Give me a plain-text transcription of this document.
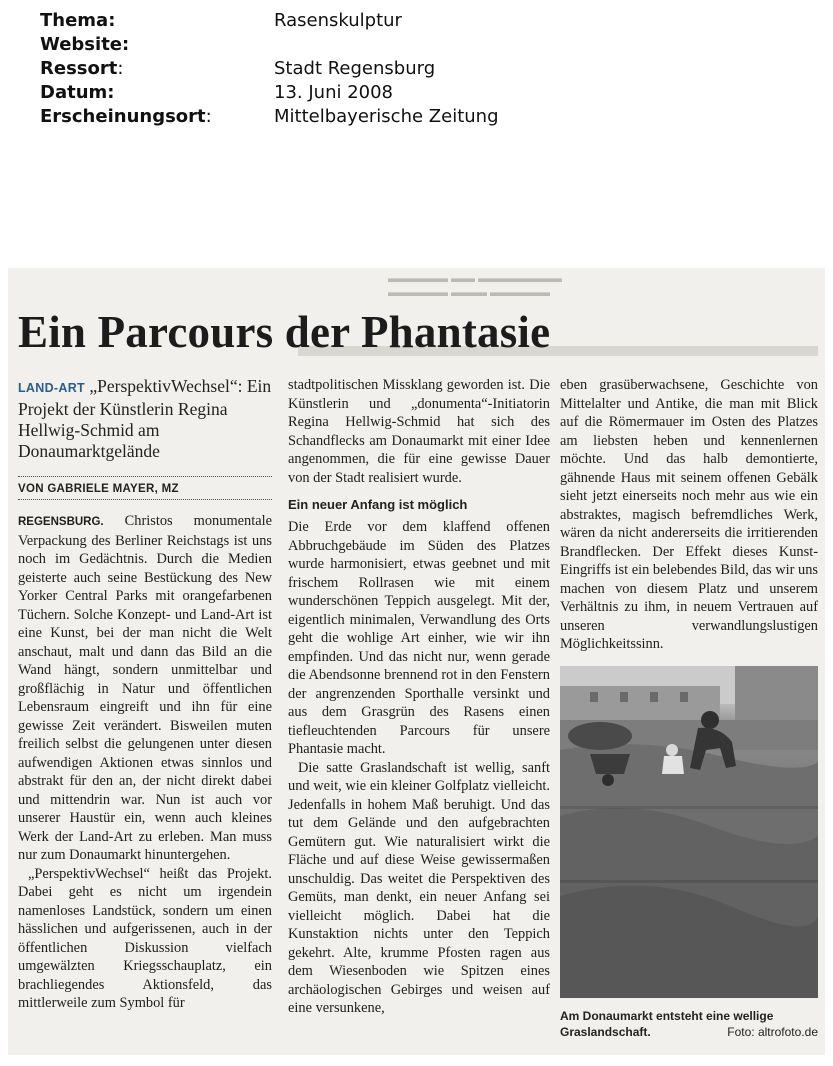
Thema:	Rasenskulptur
Website:
Ressort:	Stadt Regensburg
Datum:	13. Juni 2008
Erscheinungsort:	Mittelbayerische Zeitung
▬▬▬▬▬ ▬▬ ▬▬▬▬▬▬▬
▬▬▬▬▬ ▬▬▬ ▬▬▬▬▬
Ein Parcours der Phantasie

LAND-ART „PerspektivWechsel“: Ein Projekt der Künstlerin Regina Hellwig-Schmid am Donaumarktgelände

VON GABRIELE MAYER, MZ

REGENSBURG. Christos monumentale Verpackung des Berliner Reichstags ist uns noch im Gedächtnis. Durch die Medien geisterte auch seine Bestückung des New Yorker Central Parks mit orangefarbenen Tüchern. Solche Konzept- und Land-Art ist eine Kunst, bei der man nicht die Welt anschaut, malt und dann das Bild an die Wand hängt, sondern unmittelbar und großflächig in Natur und öffentlichen Lebensraum eingreift und ihn für eine gewisse Zeit verändert. Bisweilen muten freilich selbst die gelungenen unter diesen aufwendigen Aktionen etwas sinnlos und abstrakt für den an, der nicht direkt dabei und mittendrin war. Nun ist auch vor unserer Haustür ein, wenn auch kleines Werk der Land-Art zu erleben. Man muss nur zum Donaumarkt hinuntergehen.

„PerspektivWechsel“ heißt das Projekt. Dabei geht es nicht um irgendein namenloses Landstück, sondern um einen hässlichen und aufgerissenen, auch in der öffentlichen Diskussion vielfach umgewälzten Kriegsschauplatz, ein brachliegendes Aktionsfeld, das mittlerweile zum Symbol für

stadtpolitischen Missklang geworden ist. Die Künstlerin und „donumenta“-Initiatorin Regina Hellwig-Schmid hat sich des Schandflecks am Donaumarkt mit einer Idee angenommen, die für eine gewisse Dauer von der Stadt realisiert wurde.

Ein neuer Anfang ist möglich

Die Erde vor dem klaffend offenen Abbruchgebäude im Süden des Platzes wurde harmonisiert, etwas geebnet und mit frischem Rollrasen wie mit einem wunderschönen Teppich ausgelegt. Mit der, eigentlich minimalen, Verwandlung des Orts geht die wohlige Art einher, wie wir ihn empfinden. Und das nicht nur, wenn gerade die Abendsonne brennend rot in den Fenstern der angrenzenden Sporthalle versinkt und aus dem Grasgrün des Rasens einen tiefleuchtenden Parcours für unsere Phantasie macht.

Die satte Graslandschaft ist wellig, sanft und weit, wie ein kleiner Golfplatz vielleicht. Jedenfalls in hohem Maß beruhigt. Und das tut dem Gelände und den aufgebrachten Gemütern gut. Wie naturalisiert wirkt die Fläche und auf diese Weise gewissermaßen unschuldig. Das weitet die Perspektiven des Gemüts, man denkt, ein neuer Anfang sei vielleicht möglich. Dabei hat die Kunstaktion nichts unter den Teppich gekehrt. Alte, krumme Pfosten ragen aus dem Wiesenboden wie Spitzen eines archäologischen Gebirges und weisen auf eine versunkene,

eben grasüberwachsene, Geschichte von Mittelalter und Antike, die man mit Blick auf die Römermauer im Osten des Platzes am liebsten heben und kennenlernen möchte. Und das halb demontierte, gähnende Haus mit seinem offenen Gebälk sieht jetzt einerseits noch mehr aus wie ein abstraktes, magisch befremdliches Werk, wären da nicht andererseits die irritierenden Brandflecken. Der Effekt dieses Kunst-Eingriffs ist ein belebendes Bild, das wir uns machen von diesem Platz und unserem Verhältnis zu ihm, in neuem Vertrauen auf unseren verwandlungslustigen Möglichkeitssinn.

Am Donaumarkt entsteht eine wellige Graslandschaft.	Foto: altrofoto.de
